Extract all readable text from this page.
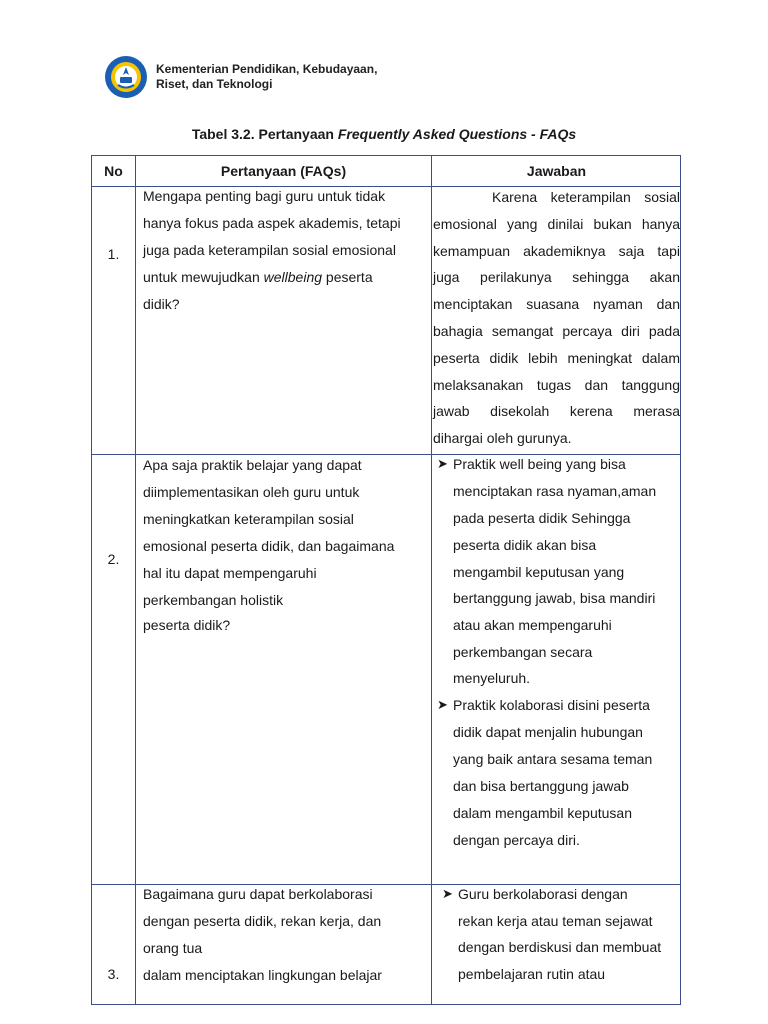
Kementerian Pendidikan, Kebudayaan,
Riset, dan Teknologi
Tabel 3.2. Pertanyaan Frequently Asked Questions - FAQs
No	Pertanyaan (FAQs)	Jawaban
1.
Mengapa penting bagi guru untuk tidak
hanya fokus pada aspek akademis, tetapi
juga pada keterampilan sosial emosional
untuk mewujudkan wellbeing peserta
didik?

Karena keterampilan sosial emosional yang dinilai bukan hanya kemampuan akademiknya saja tapi juga perilakunya sehingga akan menciptakan suasana nyaman dan bahagia semangat percaya diri pada peserta didik lebih meningkat dalam melaksanakan tugas dan tanggung jawab disekolah kerena merasa dihargai oleh gurunya.

2.
Apa saja praktik belajar yang dapat
diimplementasikan oleh guru untuk
meningkatkan keterampilan sosial
emosional peserta didik, dan bagaimana
hal itu dapat mempengaruhi
perkembangan holistik
peserta didik?
➤ Praktik well being yang bisa
menciptakan rasa nyaman,aman
pada peserta didik Sehingga
peserta didik akan bisa
mengambil keputusan yang
bertanggung jawab, bisa mandiri
atau akan mempengaruhi
perkembangan secara
menyeluruh.
➤ Praktik kolaborasi disini peserta
didik dapat menjalin hubungan
yang baik antara sesama teman
dan bisa bertanggung jawab
dalam mengambil keputusan
dengan percaya diri.
3.
Bagaimana guru dapat berkolaborasi
dengan peserta didik, rekan kerja, dan
orang tua
dalam menciptakan lingkungan belajar
➤ Guru berkolaborasi dengan
rekan kerja atau teman sejawat
dengan berdiskusi dan membuat
pembelajaran rutin atau
